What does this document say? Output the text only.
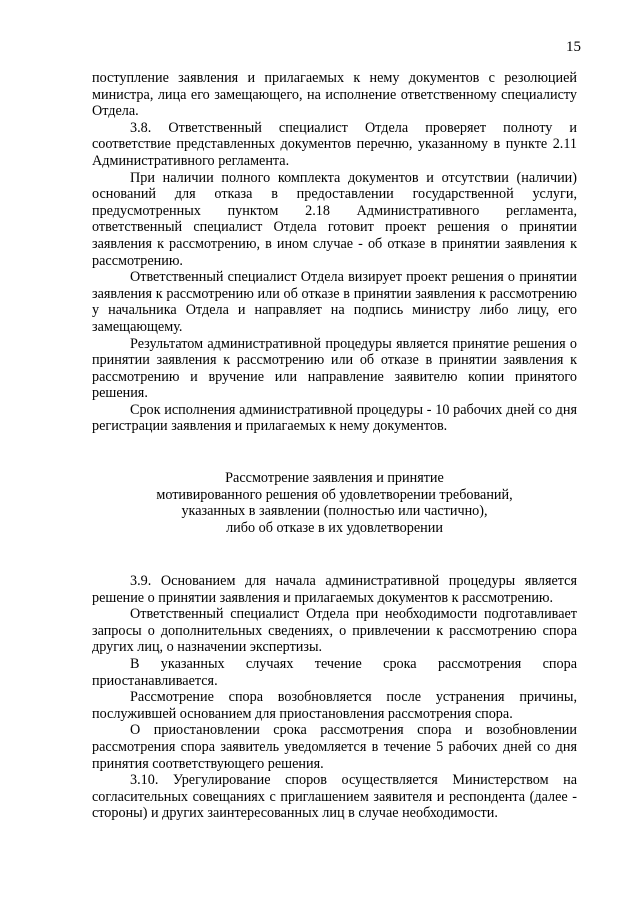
15

поступление заявления и прилагаемых к нему документов с резолюцией министра, лица его замещающего, на исполнение ответственному специалисту Отдела.

3.8. Ответственный специалист Отдела проверяет полноту и соответствие представленных документов перечню, указанному в пункте 2.11 Административного регламента.

При наличии полного комплекта документов и отсутствии (наличии) оснований для отказа в предоставлении государственной услуги, предусмотренных пунктом 2.18 Административного регламента, ответственный специалист Отдела готовит проект решения о принятии заявления к рассмотрению, в ином случае - об отказе в принятии заявления к рассмотрению.

Ответственный специалист Отдела визирует проект решения о принятии заявления к рассмотрению или об отказе в принятии заявления к рассмотрению у начальника Отдела и направляет на подпись министру либо лицу, его замещающему.

Результатом административной процедуры является принятие решения о принятии заявления к рассмотрению или об отказе в принятии заявления к рассмотрению и вручение или направление заявителю копии принятого решения.

Срок исполнения административной процедуры - 10 рабочих дней со дня регистрации заявления и прилагаемых к нему документов.

Рассмотрение заявления и принятие
мотивированного решения об удовлетворении требований,
указанных в заявлении (полностью или частично),
либо об отказе в их удовлетворении

3.9. Основанием для начала административной процедуры является решение о принятии заявления и прилагаемых документов к рассмотрению.

Ответственный специалист Отдела при необходимости подготавливает запросы о дополнительных сведениях, о привлечении к рассмотрению спора других лиц, о назначении экспертизы.

В указанных случаях течение срока рассмотрения спора приостанавливается.

Рассмотрение спора возобновляется после устранения причины, послужившей основанием для приостановления рассмотрения спора.

О приостановлении срока рассмотрения спора и возобновлении рассмотрения спора заявитель уведомляется в течение 5 рабочих дней со дня принятия соответствующего решения.

3.10. Урегулирование споров осуществляется Министерством на согласительных совещаниях с приглашением заявителя и респондента (далее - стороны) и других заинтересованных лиц в случае необходимости.
